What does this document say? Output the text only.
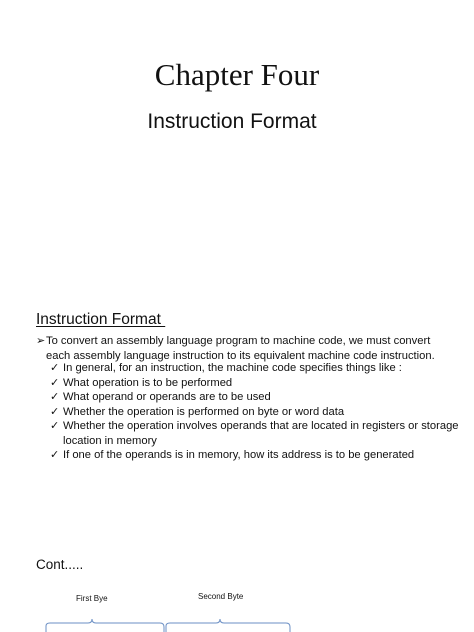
Chapter Four
Instruction Format
Instruction Format
➢ To convert an assembly language program to machine code, we must convert each assembly language instruction to its equivalent machine code instruction.
✓ In general, for an instruction, the machine code specifies things like :
✓ What operation is to be performed
✓ What operand or operands are to be used
✓ Whether the operation is performed on byte or word data
✓ Whether the operation involves operands that are located in registers or storage location in memory
✓ If one of the operands is in memory, how its address is to be generated
Cont.....
First Bye	Second Byte
